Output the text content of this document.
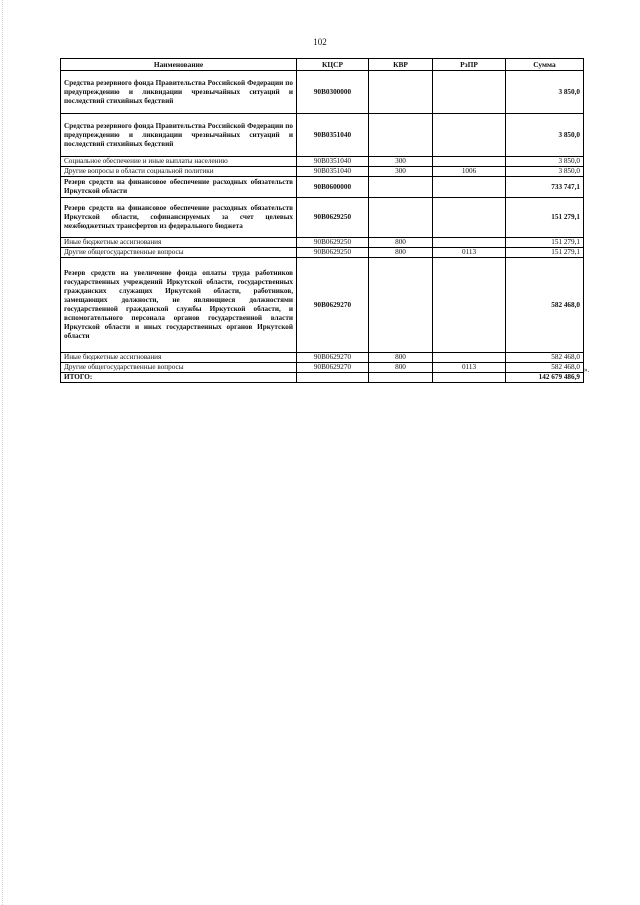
102
Наименование	КЦСР	КВР	РзПР	Сумма
Средства резервного фонда Правительства Российской Федерации по предупреждению и ликвидации чрезвычайных ситуаций и последствий стихийных бедствий	90В0300000			3 850,0
Средства резервного фонда Правительства Российской Федерации по предупреждению и ликвидации чрезвычайных ситуаций и последствий стихийных бедствий	90В0351040			3 850,0
Социальное обеспечение и иные выплаты населению	90В0351040	300		3 850,0
Другие вопросы в области социальной политики	90В0351040	300	1006	3 850,0
Резерв средств на финансовое обеспечение расходных обязательств Иркутской области	90В0600000			733 747,1
Резерв средств на финансовое обеспечение расходных обязательств Иркутской области, софинансируемых за счет целевых межбюджетных трансфертов из федерального бюджета	90В0629250			151 279,1
Иные бюджетные ассигнования	90В0629250	800		151 279,1
Другие общегосударственные вопросы	90В0629250	800	0113	151 279,1
Резерв средств на увеличение фонда оплаты труда работников государственных учреждений Иркутской области, государственных гражданских служащих Иркутской области, работников, замещающих должности, не являющиеся должностями государственной гражданской службы Иркутской области, и вспомогательного персонала органов государственной власти Иркутской области и иных государственных органов Иркутской области	90В0629270			582 468,0
Иные бюджетные ассигнования	90В0629270	800		582 468,0
Другие общегосударственные вопросы	90В0629270	800	0113	582 468,0
ИТОГО:				142 679 486,9
».
